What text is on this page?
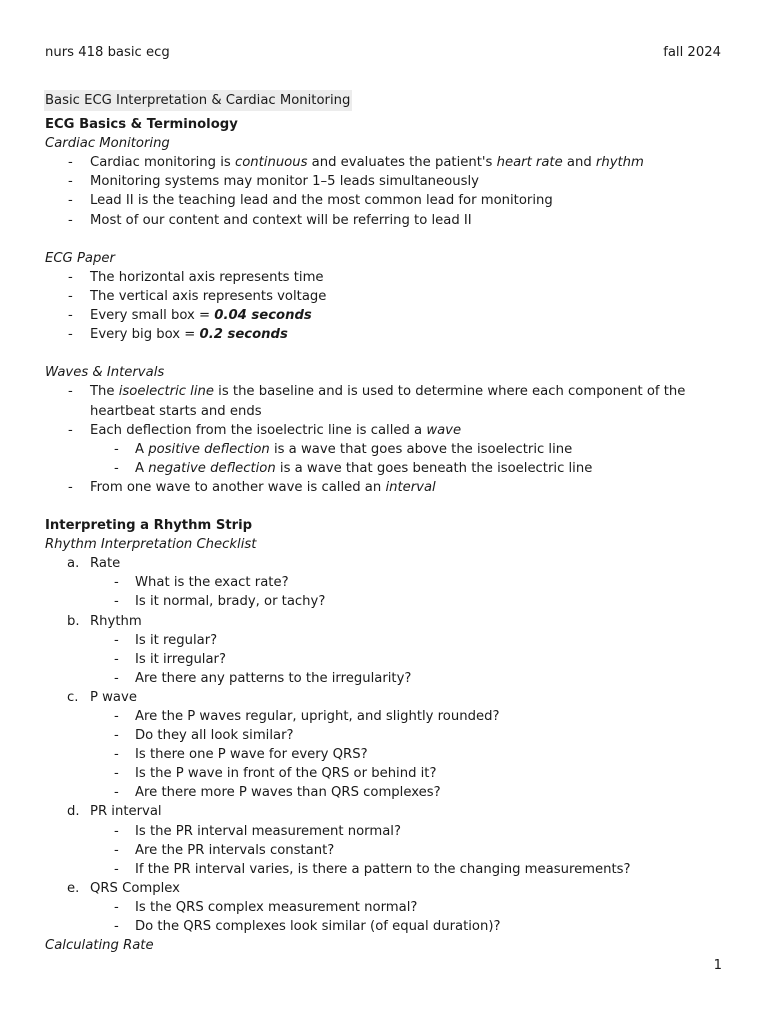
nurs 418 basic ecg	fall 2024
Basic ECG Interpretation & Cardiac Monitoring
ECG Basics & Terminology
Cardiac Monitoring
- Cardiac monitoring is continuous and evaluates the patient's heart rate and rhythm
- Monitoring systems may monitor 1–5 leads simultaneously
- Lead II is the teaching lead and the most common lead for monitoring
- Most of our content and context will be referring to lead II
ECG Paper
- The horizontal axis represents time
- The vertical axis represents voltage
- Every small box = 0.04 seconds
- Every big box = 0.2 seconds
Waves & Intervals
- The isoelectric line is the baseline and is used to determine where each component of the heartbeat starts and ends
- Each deflection from the isoelectric line is called a wave
- A positive deflection is a wave that goes above the isoelectric line
- A negative deflection is a wave that goes beneath the isoelectric line
- From one wave to another wave is called an interval
Interpreting a Rhythm Strip
Rhythm Interpretation Checklist
a. Rate
- What is the exact rate?
- Is it normal, brady, or tachy?
b. Rhythm
- Is it regular?
- Is it irregular?
- Are there any patterns to the irregularity?
c. P wave
- Are the P waves regular, upright, and slightly rounded?
- Do they all look similar?
- Is there one P wave for every QRS?
- Is the P wave in front of the QRS or behind it?
- Are there more P waves than QRS complexes?
d. PR interval
- Is the PR interval measurement normal?
- Are the PR intervals constant?
- If the PR interval varies, is there a pattern to the changing measurements?
e. QRS Complex
- Is the QRS complex measurement normal?
- Do the QRS complexes look similar (of equal duration)?
Calculating Rate
1
